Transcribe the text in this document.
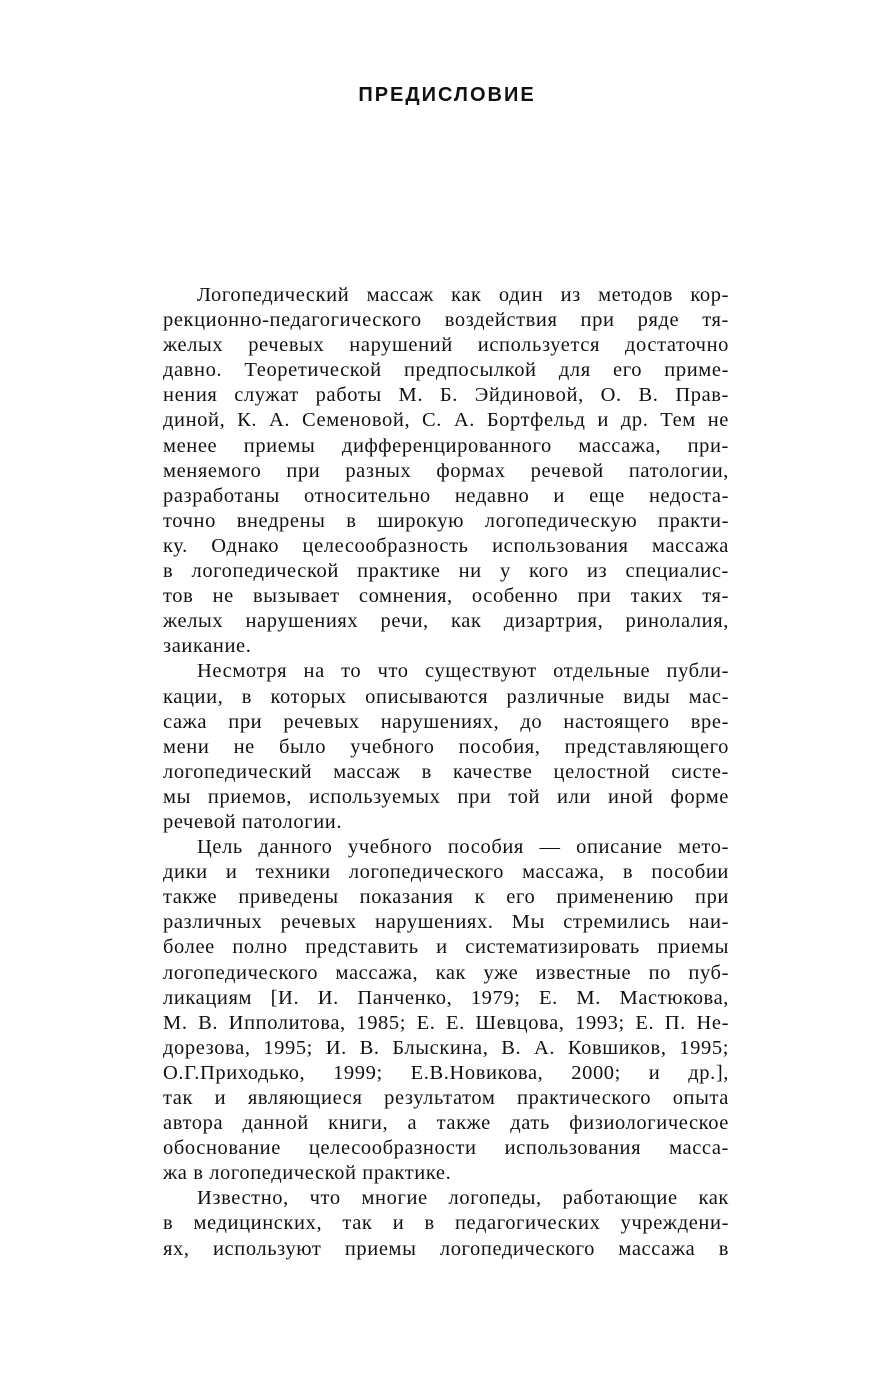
ПРЕДИСЛОВИЕ
Логопедический массаж как один из методов кор-
рекционно-педагогического воздействия при ряде тя-
желых речевых нарушений используется достаточно
давно. Теоретической предпосылкой для его приме-
нения служат работы М. Б. Эйдиновой, О. В. Прав-
диной, К. А. Семеновой, С. А. Бортфельд и др. Тем не
менее приемы дифференцированного массажа, при-
меняемого при разных формах речевой патологии,
разработаны относительно недавно и еще недоста-
точно внедрены в широкую логопедическую практи-
ку. Однако целесообразность использования массажа
в логопедической практике ни у кого из специалис-
тов не вызывает сомнения, особенно при таких тя-
желых нарушениях речи, как дизартрия, ринолалия,
заикание.
Несмотря на то что существуют отдельные публи-
кации, в которых описываются различные виды мас-
сажа при речевых нарушениях, до настоящего вре-
мени не было учебного пособия, представляющего
логопедический массаж в качестве целостной систе-
мы приемов, используемых при той или иной форме
речевой патологии.
Цель данного учебного пособия — описание мето-
дики и техники логопедического массажа, в пособии
также приведены показания к его применению при
различных речевых нарушениях. Мы стремились наи-
более полно представить и систематизировать приемы
логопедического массажа, как уже известные по пуб-
ликациям [И. И. Панченко, 1979; Е. М. Мастюкова,
М. В. Ипполитова, 1985; Е. Е. Шевцова, 1993; Е. П. Не-
дорезова, 1995; И. В. Блыскина, В. А. Ковшиков, 1995;
О.Г.Приходько, 1999; Е.В.Новикова, 2000; и др.],
так и являющиеся результатом практического опыта
автора данной книги, а также дать физиологическое
обоснование целесообразности использования масса-
жа в логопедической практике.
Известно, что многие логопеды, работающие как
в медицинских, так и в педагогических учреждени-
ях, используют приемы логопедического массажа в
